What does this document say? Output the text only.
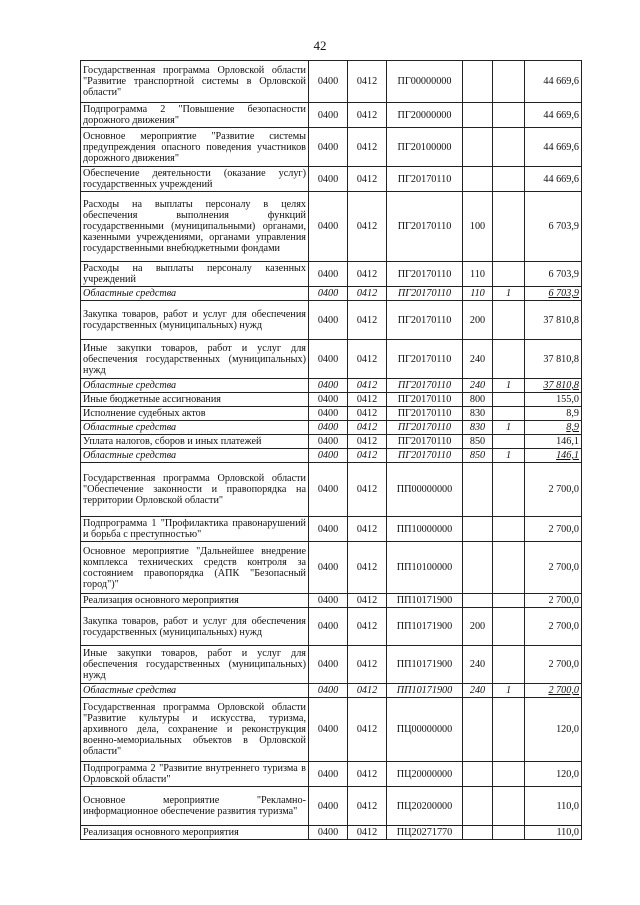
42
Государственная программа Орловской области "Развитие транспортной системы в Орловской области"	0400	0412	ПГ00000000			44 669,6
Подпрограмма 2 "Повышение безопасности дорожного движения"	0400	0412	ПГ20000000			44 669,6
Основное мероприятие "Развитие системы предупреждения опасного поведения участников дорожного движения"	0400	0412	ПГ20100000			44 669,6
Обеспечение деятельности (оказание услуг) государственных учреждений	0400	0412	ПГ20170110			44 669,6
Расходы на выплаты персоналу в целях обеспечения выполнения функций государственными (муниципальными) органами, казенными учреждениями, органами управления государственными внебюджетными фондами	0400	0412	ПГ20170110	100		6 703,9
Расходы на выплаты персоналу казенных учреждений	0400	0412	ПГ20170110	110		6 703,9
Областные средства	0400	0412	ПГ20170110	110	1	6 703,9
Закупка товаров, работ и услуг для обеспечения государственных (муниципальных) нужд	0400	0412	ПГ20170110	200		37 810,8
Иные закупки товаров, работ и услуг для обеспечения государственных (муниципальных) нужд	0400	0412	ПГ20170110	240		37 810,8
Областные средства	0400	0412	ПГ20170110	240	1	37 810,8
Иные бюджетные ассигнования	0400	0412	ПГ20170110	800		155,0
Исполнение судебных актов	0400	0412	ПГ20170110	830		8,9
Областные средства	0400	0412	ПГ20170110	830	1	8,9
Уплата налогов, сборов и иных платежей	0400	0412	ПГ20170110	850		146,1
Областные средства	0400	0412	ПГ20170110	850	1	146,1
Государственная программа Орловской области "Обеспечение законности и правопорядка на территории Орловской области"	0400	0412	ПП00000000			2 700,0
Подпрограмма 1 "Профилактика правонарушений и борьба с преступностью"	0400	0412	ПП10000000			2 700,0
Основное мероприятие "Дальнейшее внедрение комплекса технических средств контроля за состоянием правопорядка (АПК "Безопасный город")"	0400	0412	ПП10100000			2 700,0
Реализация основного мероприятия	0400	0412	ПП10171900			2 700,0
Закупка товаров, работ и услуг для обеспечения государственных (муниципальных) нужд	0400	0412	ПП10171900	200		2 700,0
Иные закупки товаров, работ и услуг для обеспечения государственных (муниципальных) нужд	0400	0412	ПП10171900	240		2 700,0
Областные средства	0400	0412	ПП10171900	240	1	2 700,0
Государственная программа Орловской области "Развитие культуры и искусства, туризма, архивного дела, сохранение и реконструкция военно-мемориальных объектов в Орловской области"	0400	0412	ПЦ00000000			120,0
Подпрограмма 2 "Развитие внутреннего туризма в Орловской области"	0400	0412	ПЦ20000000			120,0
Основное мероприятие "Рекламно-информационное обеспечение развития туризма"	0400	0412	ПЦ20200000			110,0
Реализация основного мероприятия	0400	0412	ПЦ20271770			110,0
